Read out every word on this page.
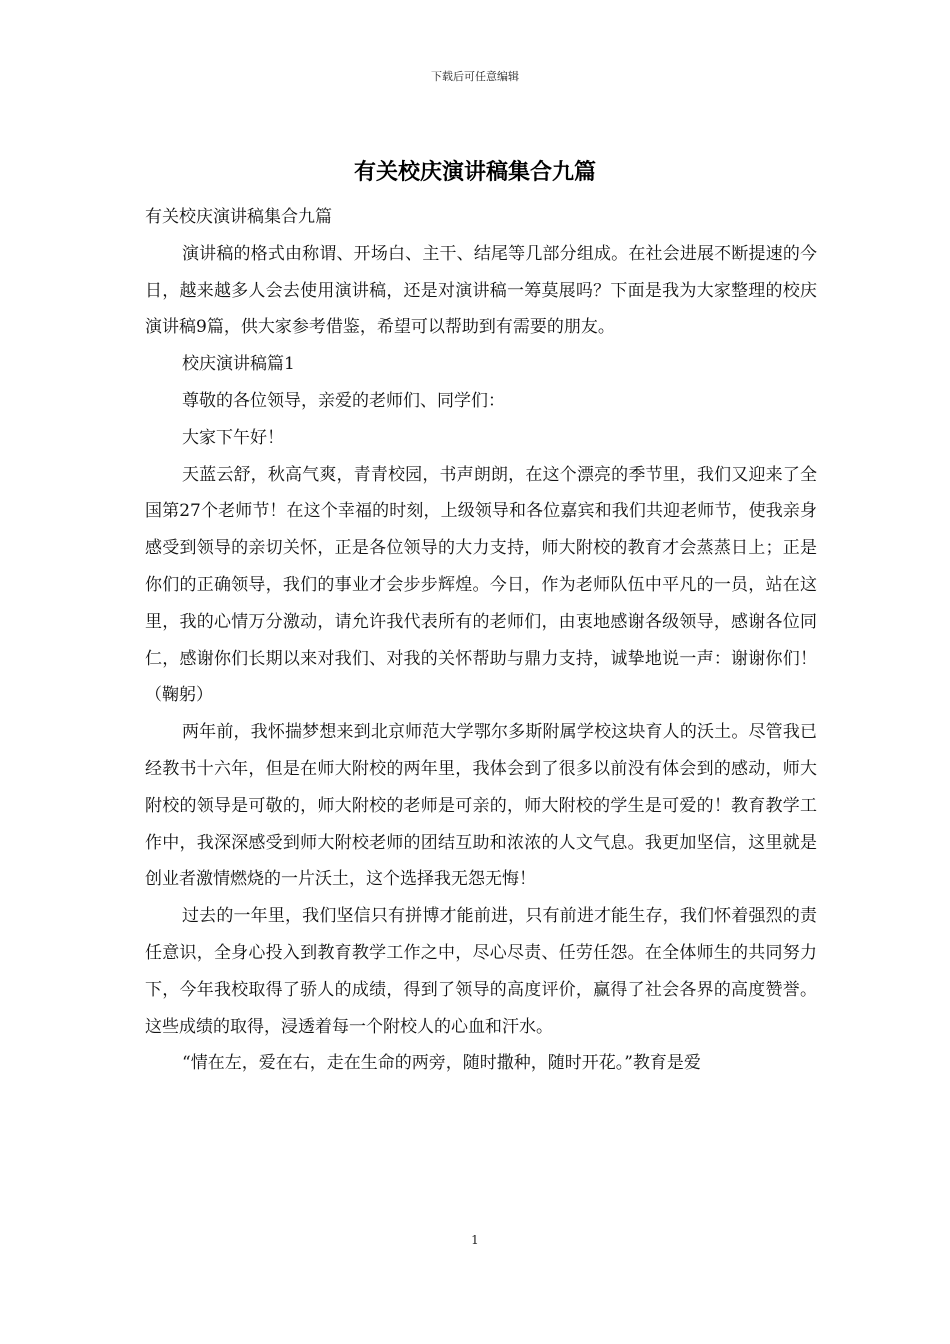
下载后可任意编辑
有关校庆演讲稿集合九篇

有关校庆演讲稿集合九篇

演讲稿的格式由称谓、开场白、主干、结尾等几部分组成。在社会进展不断提速的今日，越来越多人会去使用演讲稿，还是对演讲稿一筹莫展吗？下面是我为大家整理的校庆演讲稿9篇，供大家参考借鉴，希望可以帮助到有需要的朋友。

校庆演讲稿篇1

尊敬的各位领导，亲爱的老师们、同学们：

大家下午好！

天蓝云舒，秋高气爽，青青校园，书声朗朗，在这个漂亮的季节里，我们又迎来了全国第27个老师节！在这个幸福的时刻，上级领导和各位嘉宾和我们共迎老师节，使我亲身感受到领导的亲切关怀，正是各位领导的大力支持，师大附校的教育才会蒸蒸日上；正是你们的正确领导，我们的事业才会步步辉煌。今日，作为老师队伍中平凡的一员，站在这里，我的心情万分激动，请允许我代表所有的老师们，由衷地感谢各级领导，感谢各位同仁，感谢你们长期以来对我们、对我的关怀帮助与鼎力支持，诚挚地说一声：谢谢你们！（鞠躬）

两年前，我怀揣梦想来到北京师范大学鄂尔多斯附属学校这块育人的沃土。尽管我已经教书十六年，但是在师大附校的两年里，我体会到了很多以前没有体会到的感动，师大附校的领导是可敬的，师大附校的老师是可亲的，师大附校的学生是可爱的！教育教学工作中，我深深感受到师大附校老师的团结互助和浓浓的人文气息。我更加坚信，这里就是创业者激情燃烧的一片沃土，这个选择我无怨无悔！

过去的一年里，我们坚信只有拼博才能前进，只有前进才能生存，我们怀着强烈的责任意识，全身心投入到教育教学工作之中，尽心尽责、任劳任怨。在全体师生的共同努力下，今年我校取得了骄人的成绩，得到了领导的高度评价，赢得了社会各界的高度赞誉。这些成绩的取得，浸透着每一个附校人的心血和汗水。

“情在左，爱在右，走在生命的两旁，随时撒种，随时开花。”教育是爱

1
